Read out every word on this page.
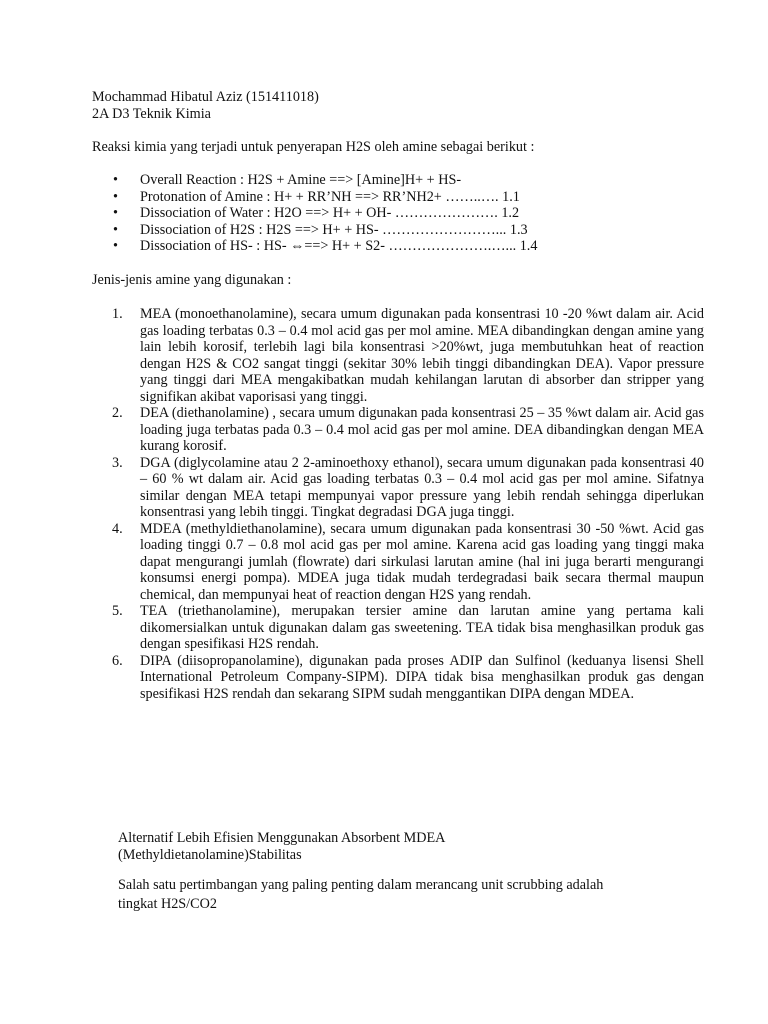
Mochammad Hibatul Aziz (151411018)

2A D3 Teknik Kimia

Reaksi kimia yang terjadi untuk penyerapan H2S oleh amine sebagai berikut :

• Overall Reaction : H2S + Amine ==> [Amine]H+ + HS-
• Protonation of Amine : H+ + RR’NH ==> RR’NH2+ ……..…. 1.1
• Dissociation of Water : H2O ==> H+ + OH- …………………. 1.2
• Dissociation of H2S : H2S ==> H+ + HS- ……………………... 1.3
• Dissociation of HS- : HS- ⇔==> H+ + S2- ………………….…... 1.4

Jenis-jenis amine yang digunakan :

1. MEA (monoethanolamine), secara umum digunakan pada konsentrasi 10 -20 %wt dalam air. Acid gas loading terbatas 0.3 – 0.4 mol acid gas per mol amine. MEA dibandingkan dengan amine yang lain lebih korosif, terlebih lagi bila konsentrasi >20%wt, juga membutuhkan heat of reaction dengan H2S & CO2 sangat tinggi (sekitar 30% lebih tinggi dibandingkan DEA). Vapor pressure yang tinggi dari MEA mengakibatkan mudah kehilangan larutan di absorber dan stripper yang signifikan akibat vaporisasi yang tinggi.
2. DEA (diethanolamine) , secara umum digunakan pada konsentrasi 25 – 35 %wt dalam air. Acid gas loading juga terbatas pada 0.3 – 0.4 mol acid gas per mol amine. DEA dibandingkan dengan MEA kurang korosif.
3. DGA (diglycolamine atau 2 2-aminoethoxy ethanol), secara umum digunakan pada konsentrasi 40 – 60 % wt dalam air. Acid gas loading terbatas 0.3 – 0.4 mol acid gas per mol amine. Sifatnya similar dengan MEA tetapi mempunyai vapor pressure yang lebih rendah sehingga diperlukan konsentrasi yang lebih tinggi. Tingkat degradasi DGA juga tinggi.
4. MDEA (methyldiethanolamine), secara umum digunakan pada konsentrasi 30 -50 %wt. Acid gas loading tinggi 0.7 – 0.8 mol acid gas per mol amine. Karena acid gas loading yang tinggi maka dapat mengurangi jumlah (flowrate) dari sirkulasi larutan amine (hal ini juga berarti mengurangi konsumsi energi pompa). MDEA juga tidak mudah terdegradasi baik secara thermal maupun chemical, dan mempunyai heat of reaction dengan H2S yang rendah.
5. TEA (triethanolamine), merupakan tersier amine dan larutan amine yang pertama kali dikomersialkan untuk digunakan dalam gas sweetening. TEA tidak bisa menghasilkan produk gas dengan spesifikasi H2S rendah.
6. DIPA (diisopropanolamine), digunakan pada proses ADIP dan Sulfinol (keduanya lisensi Shell International Petroleum Company-SIPM). DIPA tidak bisa menghasilkan produk gas dengan spesifikasi H2S rendah dan sekarang SIPM sudah menggantikan DIPA dengan MDEA.

Alternatif Lebih Efisien Menggunakan Absorbent MDEA

(Methyldietanolamine)Stabilitas

Salah satu pertimbangan yang paling penting dalam merancang unit scrubbing adalah

tingkat H2S/CO2
